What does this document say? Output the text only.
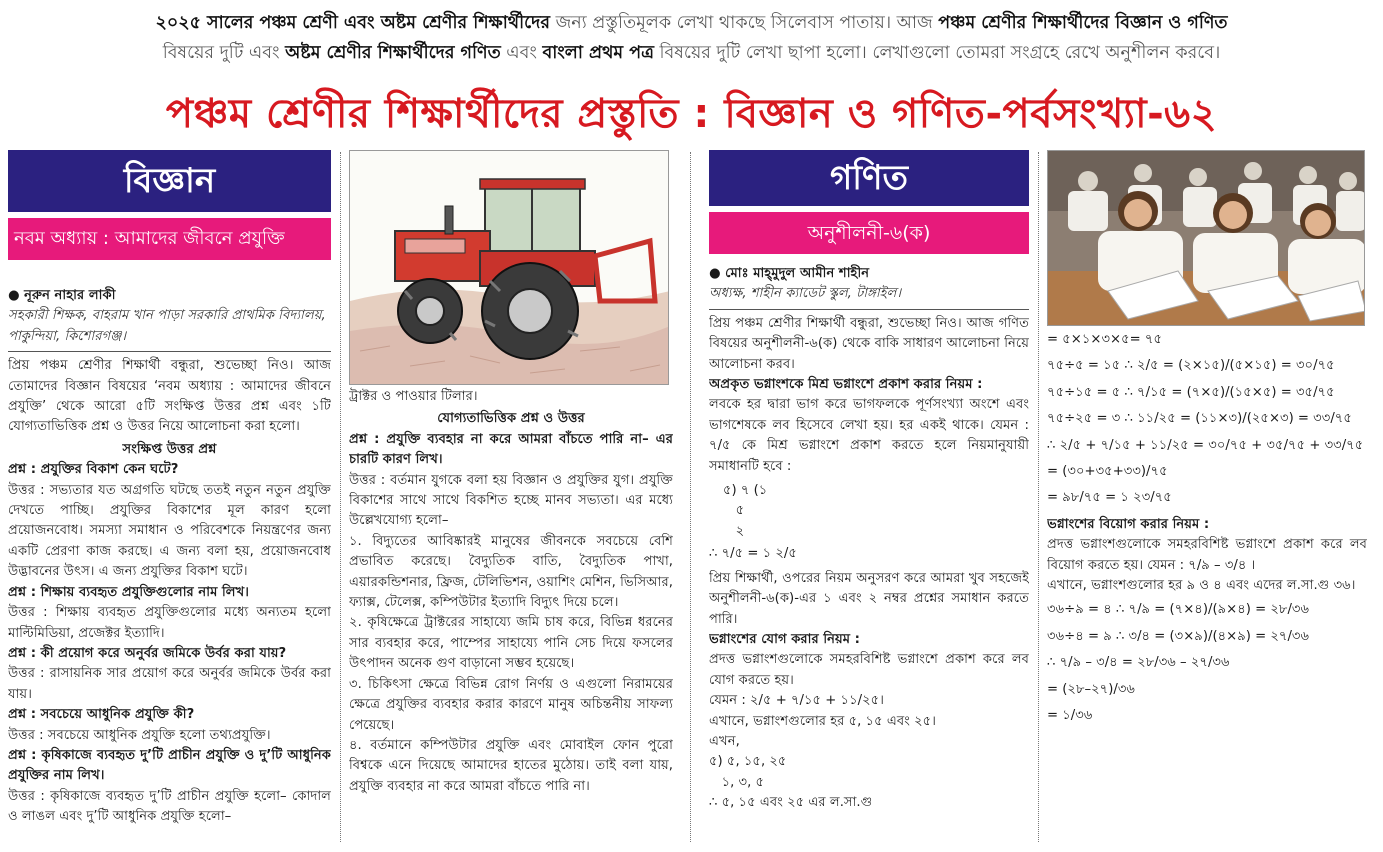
২০২৫ সালের পঞ্চম শ্রেণী এবং অষ্টম শ্রেণীর শিক্ষার্থীদের জন্য প্রস্তুতিমূলক লেখা থাকছে সিলেবাস পাতায়। আজ পঞ্চম শ্রেণীর শিক্ষার্থীদের বিজ্ঞান ও গণিত
বিষয়ের দুটি এবং অষ্টম শ্রেণীর শিক্ষার্থীদের গণিত এবং বাংলা প্রথম পত্র বিষয়ের দুটি লেখা ছাপা হলো। লেখাগুলো তোমরা সংগ্রহে রেখে অনুশীলন করবে।
পঞ্চম শ্রেণীর শিক্ষার্থীদের প্রস্তুতি : বিজ্ঞান ও গণিত-পর্বসংখ্যা-৬২
বিজ্ঞান
নবম অধ্যায় : আমাদের জীবনে প্রযুক্তি
● নূরুন নাহার লাকী
সহকারী শিক্ষক, বাহরাম খান পাড়া সরকারি প্রাথমিক বিদ্যালয়, পাকুন্দিয়া, কিশোরগঞ্জ।
প্রিয় পঞ্চম শ্রেণীর শিক্ষার্থী বন্ধুরা, শুভেচ্ছা নিও। আজ তোমাদের বিজ্ঞান বিষয়ের ‘নবম অধ্যায় : আমাদের জীবনে প্রযুক্তি’ থেকে আরো ৫টি সংক্ষিপ্ত উত্তর প্রশ্ন এবং ১টি যোগ্যতাভিত্তিক প্রশ্ন ও উত্তর নিয়ে আলোচনা করা হলো।
সংক্ষিপ্ত উত্তর প্রশ্ন
প্রশ্ন : প্রযুক্তির বিকাশ কেন ঘটে?
উত্তর : সভ্যতার যত অগ্রগতি ঘটছে ততই নতুন নতুন প্রযুক্তি দেখতে পাচ্ছি। প্রযুক্তির বিকাশের মূল কারণ হলো প্রয়োজনবোধ। সমস্যা সমাধান ও পরিবেশকে নিয়ন্ত্রণের জন্য একটি প্রেরণা কাজ করছে। এ জন্য বলা হয়, প্রয়োজনবোধ উদ্ভাবনের উৎস। এ জন্য প্রযুক্তির বিকাশ ঘটে।
প্রশ্ন : শিক্ষায় ব্যবহৃত প্রযুক্তিগুলোর নাম লিখ।
উত্তর : শিক্ষায় ব্যবহৃত প্রযুক্তিগুলোর মধ্যে অন্যতম হলো মাল্টিমিডিয়া, প্রজেক্টর ইত্যাদি।
প্রশ্ন : কী প্রয়োগ করে অনুর্বর জমিকে উর্বর করা যায়?
উত্তর : রাসায়নিক সার প্রয়োগ করে অনুর্বর জমিকে উর্বর করা যায়।
প্রশ্ন : সবচেয়ে আধুনিক প্রযুক্তি কী?
উত্তর : সবচেয়ে আধুনিক প্রযুক্তি হলো তথ্যপ্রযুক্তি।
প্রশ্ন : কৃষিকাজে ব্যবহৃত দু’টি প্রাচীন প্রযুক্তি ও দু’টি আধুনিক প্রযুক্তির নাম লিখ।
উত্তর : কৃষিকাজে ব্যবহৃত দু’টি প্রাচীন প্রযুক্তি হলো– কোদাল ও লাঙল এবং দু’টি আধুনিক প্রযুক্তি হলো–
ট্রাক্টর ও পাওয়ার টিলার।
যোগ্যতাভিত্তিক প্রশ্ন ও উত্তর
প্রশ্ন : প্রযুক্তি ব্যবহার না করে আমরা বাঁচতে পারি না– এর চারটি কারণ লিখ।
উত্তর : বর্তমান যুগকে বলা হয় বিজ্ঞান ও প্রযুক্তির যুগ। প্রযুক্তি বিকাশের সাথে সাথে বিকশিত হচ্ছে মানব সভ্যতা। এর মধ্যে উল্লেখযোগ্য হলো–
১. বিদ্যুতের আবিষ্কারই মানুষের জীবনকে সবচেয়ে বেশি প্রভাবিত করেছে। বৈদ্যুতিক বাতি, বৈদ্যুতিক পাখা, এয়ারকন্ডিশনার, ফ্রিজ, টেলিভিশন, ওয়াশিং মেশিন, ভিসিআর, ফ্যাক্স, টেলেক্স, কম্পিউটার ইত্যাদি বিদ্যুৎ দিয়ে চলে।
২. কৃষিক্ষেত্রে ট্রাক্টরের সাহায্যে জমি চাষ করে, বিভিন্ন ধরনের সার ব্যবহার করে, পাম্পের সাহায্যে পানি সেচ দিয়ে ফসলের উৎপাদন অনেক গুণ বাড়ানো সম্ভব হয়েছে।
৩. চিকিৎসা ক্ষেত্রে বিভিন্ন রোগ নির্ণয় ও এগুলো নিরাময়ের ক্ষেত্রে প্রযুক্তির ব্যবহার করার কারণে মানুষ অচিন্তনীয় সাফল্য পেয়েছে।
৪. বর্তমানে কম্পিউটার প্রযুক্তি এবং মোবাইল ফোন পুরো বিশ্বকে এনে দিয়েছে আমাদের হাতের মুঠোয়। তাই বলা যায়, প্রযুক্তি ব্যবহার না করে আমরা বাঁচতে পারি না।
গণিত
অনুশীলনী-৬(ক)
● মোঃ মাহ্‌মুদুল আমীন শাহীন
অধ্যক্ষ, শাহীন ক্যাডেট স্কুল, টাঙ্গাইল।
প্রিয় পঞ্চম শ্রেণীর শিক্ষার্থী বন্ধুরা, শুভেচ্ছা নিও। আজ গণিত বিষয়ের অনুশীলনী-৬(ক) থেকে বাকি সাধারণ আলোচনা নিয়ে আলোচনা করব।
অপ্রকৃত ভগ্নাংশকে মিশ্র ভগ্নাংশে প্রকাশ করার নিয়ম :
লবকে হর দ্বারা ভাগ করে ভাগফলকে পূর্ণসংখ্যা অংশে এবং ভাগশেষকে লব হিসেবে লেখা হয়। হর একই থাকে। যেমন : ৭/৫ কে মিশ্র ভগ্নাংশে প্রকাশ করতে হলে নিয়মানুযায়ী সমাধানটি হবে :
৫) ৭ (১
৫
২
∴ ৭/৫ = ১ ২/৫
প্রিয় শিক্ষার্থী, ওপরের নিয়ম অনুসরণ করে আমরা খুব সহজেই অনুশীলনী-৬(ক)-এর ১ এবং ২ নম্বর প্রশ্নের সমাধান করতে পারি।
ভগ্নাংশের যোগ করার নিয়ম :
প্রদত্ত ভগ্নাংশগুলোকে সমহরবিশিষ্ট ভগ্নাংশে প্রকাশ করে লব যোগ করতে হয়।
যেমন : ২/৫ + ৭/১৫ + ১১/২৫।
এখানে, ভগ্নাংশগুলোর হর ৫, ১৫ এবং ২৫।
এখন,
৫) ৫, ১৫, ২৫
১, ৩, ৫
∴ ৫, ১৫ এবং ২৫ এর ল.সা.গু
= ৫×১×৩×৫= ৭৫
৭৫÷৫ = ১৫ ∴ ২/৫ = (২×১৫)/(৫×১৫) = ৩০/৭৫
৭৫÷১৫ = ৫ ∴ ৭/১৫ = (৭×৫)/(১৫×৫) = ৩৫/৭৫
৭৫÷২৫ = ৩ ∴ ১১/২৫ = (১১×৩)/(২৫×৩) = ৩৩/৭৫
∴ ২/৫ + ৭/১৫ + ১১/২৫ = ৩০/৭৫ + ৩৫/৭৫ + ৩৩/৭৫
= (৩০+৩৫+৩৩)/৭৫
= ৯৮/৭৫ = ১ ২৩/৭৫
ভগ্নাংশের বিয়োগ করার নিয়ম :
প্রদত্ত ভগ্নাংশগুলোকে সমহরবিশিষ্ট ভগ্নাংশে প্রকাশ করে লব বিয়োগ করতে হয়। যেমন : ৭/৯ – ৩/৪ ।
এখানে, ভগ্নাংশগুলোর হর ৯ ও ৪ এবং এদের ল.সা.গু ৩৬।
৩৬÷৯ = ৪ ∴ ৭/৯ = (৭×৪)/(৯×৪) = ২৮/৩৬
৩৬÷৪ = ৯ ∴ ৩/৪ = (৩×৯)/(৪×৯) = ২৭/৩৬
∴ ৭/৯ – ৩/৪ = ২৮/৩৬ – ২৭/৩৬
= (২৮–২৭)/৩৬
= ১/৩৬
